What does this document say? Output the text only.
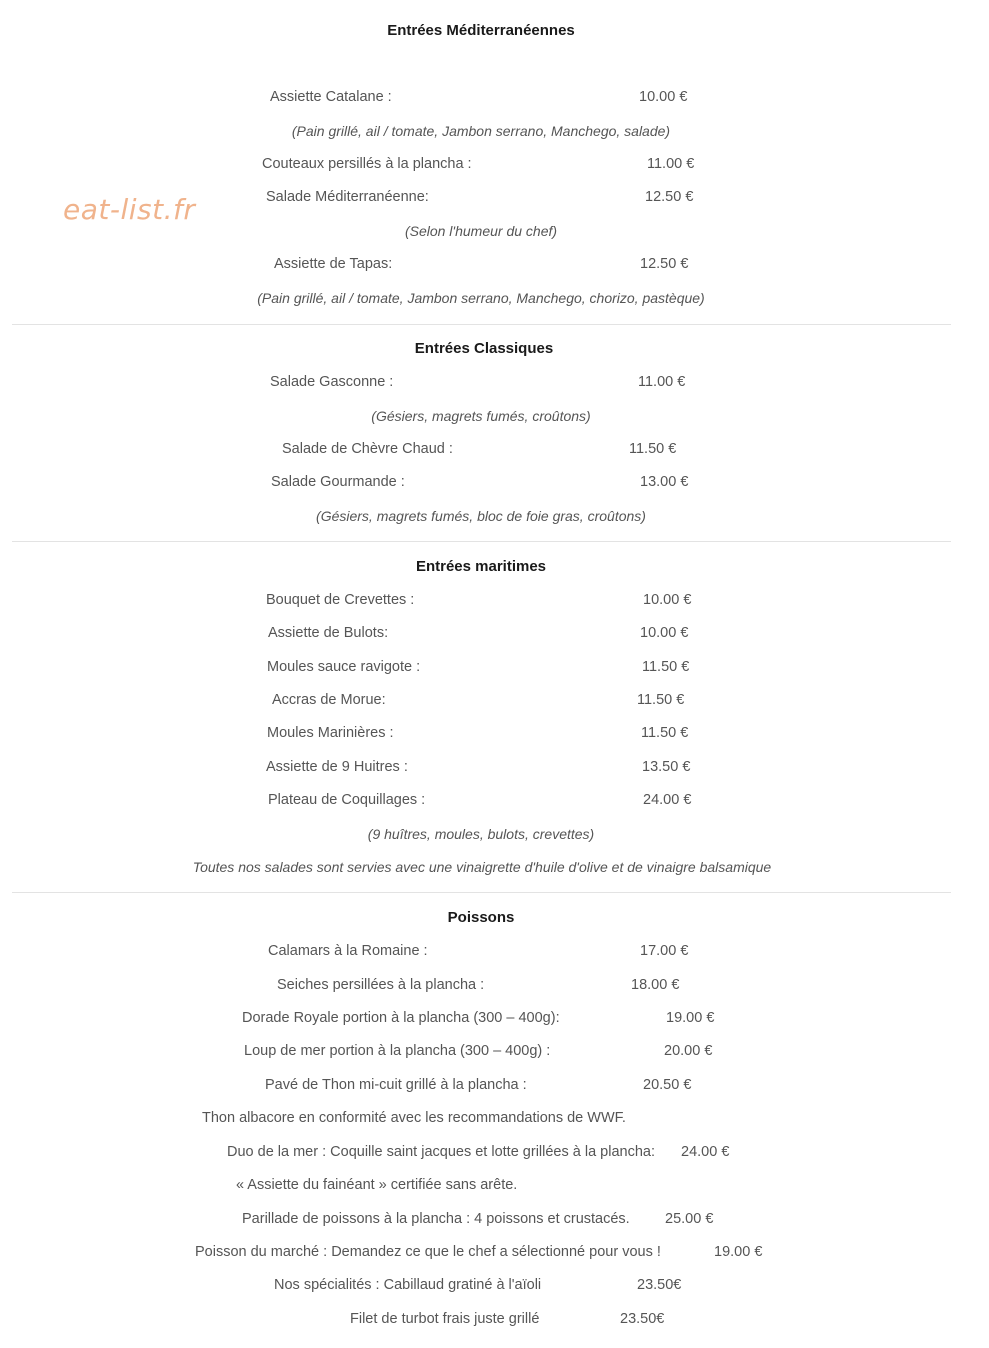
eat-list.fr
Entrées Méditerranéennes
Assiette Catalane :	10.00 €
(Pain grillé, ail / tomate, Jambon serrano, Manchego, salade)
Couteaux persillés à la plancha :	11.00 €
Salade Méditerranéenne:	12.50 €
(Selon l'humeur du chef)
Assiette de Tapas:	12.50 €
(Pain grillé, ail / tomate, Jambon serrano, Manchego, chorizo, pastèque)
Entrées Classiques
Salade Gasconne :	11.00 €
(Gésiers, magrets fumés, croûtons)
Salade de Chèvre Chaud :	11.50 €
Salade Gourmande :	13.00 €
(Gésiers, magrets fumés, bloc de foie gras, croûtons)
Entrées maritimes
Bouquet de Crevettes :	10.00 €
Assiette de Bulots:	10.00 €
Moules sauce ravigote :	11.50 €
Accras de Morue:	11.50 €
Moules Marinières :	11.50 €
Assiette de 9 Huitres :	13.50 €
Plateau de Coquillages :	24.00 €
(9 huîtres, moules, bulots, crevettes)
Toutes nos salades sont servies avec une vinaigrette d'huile d'olive et de vinaigre balsamique
Poissons
Calamars à la Romaine :	17.00 €
Seiches persillées à la plancha :	18.00 €
Dorade Royale portion à la plancha (300 – 400g):	19.00 €
Loup de mer portion à la plancha (300 – 400g) :	20.00 €
Pavé de Thon mi-cuit grillé à la plancha :	20.50 €
Thon albacore en conformité avec les recommandations de WWF.
Duo de la mer : Coquille saint jacques et lotte grillées à la plancha: 24.00 €
« Assiette du fainéant » certifiée sans arête.
Parillade de poissons à la plancha : 4 poissons et crustacés. 25.00 €
Poisson du marché : Demandez ce que le chef a sélectionné pour vous !	19.00 €
Nos spécialités : Cabillaud gratiné à l'aïoli	23.50€
Filet de turbot frais juste grillé	23.50€
